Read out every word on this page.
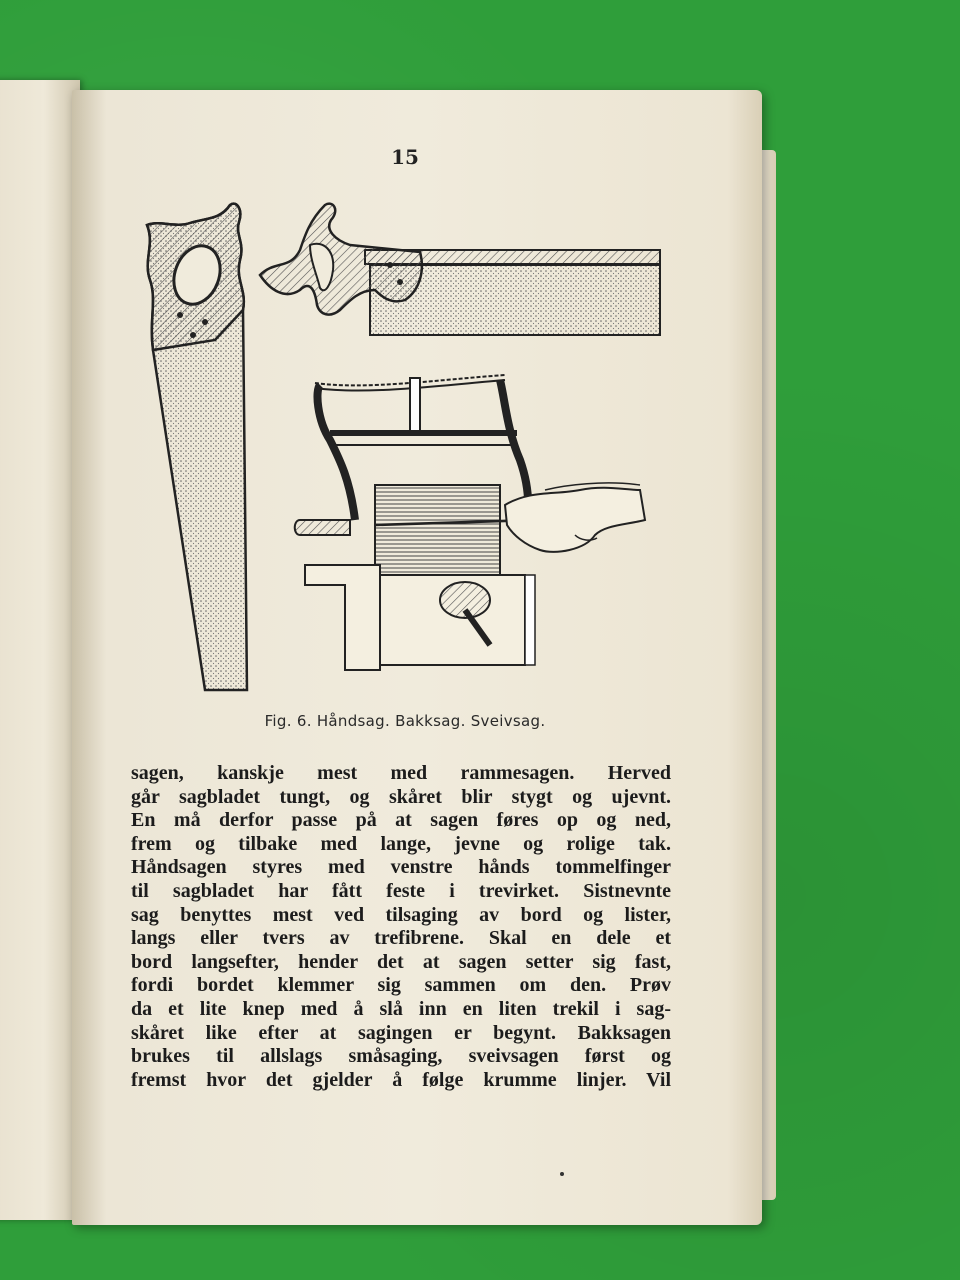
15
Fig. 6. Håndsag. Bakksag. Sveivsag.
sagen, kanskje mest med rammesagen. Herved
går sagbladet tungt, og skåret blir stygt og ujevnt.
En må derfor passe på at sagen føres op og ned,
frem og tilbake med lange, jevne og rolige tak.
Håndsagen styres med venstre hånds tommelfinger
til sagbladet har fått feste i trevirket. Sistnevnte
sag benyttes mest ved tilsaging av bord og lister,
langs eller tvers av trefibrene. Skal en dele et
bord langsefter, hender det at sagen setter sig fast,
fordi bordet klemmer sig sammen om den. Prøv
da et lite knep med å slå inn en liten trekil i sag-
skåret like efter at sagingen er begynt. Bakksagen
brukes til allslags småsaging, sveivsagen først og
fremst hvor det gjelder å følge krumme linjer. Vil
